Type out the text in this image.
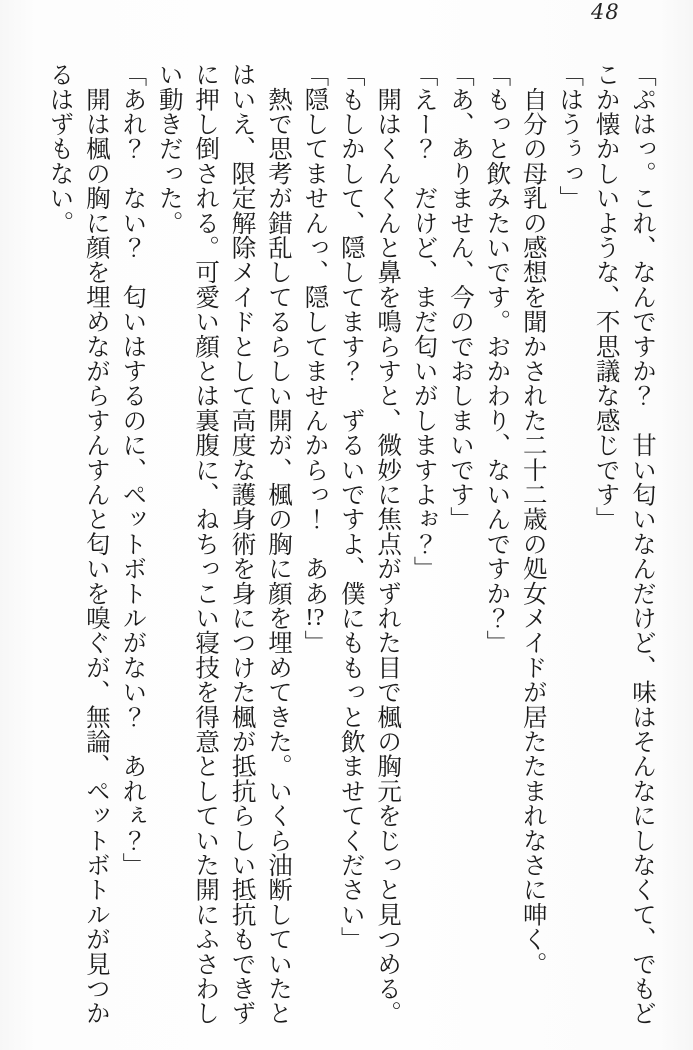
48

「ぷはっ。これ、なんですか？　甘い匂いなんだけど、味はそんなにしなくて、でもどこか懐かしいような、不思議な感じです」

「はうぅっ」

　自分の母乳の感想を聞かされた二十二歳の処女メイドが居たたまれなさに呻く。

「もっと飲みたいです。おかわり、ないんですか？」

「あ、ありません、今のでおしまいです」

「えー？　だけど、まだ匂いがしますよぉ？」

　開はくんくんと鼻を鳴らすと、微妙に焦点がずれた目で楓の胸元をじっと見つめる。

「もしかして、隠してます？　ずるいですよ、僕にももっと飲ませてください」

「隠してませんっ、隠してませんからっ！　ああ!?」

　熱で思考が錯乱してるらしい開が、楓の胸に顔を埋めてきた。いくら油断していたとはいえ、限定解除メイドとして高度な護身術を身につけた楓が抵抗らしい抵抗もできずに押し倒される。可愛い顔とは裏腹に、ねちっこい寝技を得意としていた開にふさわしい動きだった。

「あれ？　ない？　匂いはするのに、ペットボトルがない？　あれぇ？」

　開は楓の胸に顔を埋めながらすんすんと匂いを嗅ぐが、無論、ペットボトルが見つかるはずもない。
